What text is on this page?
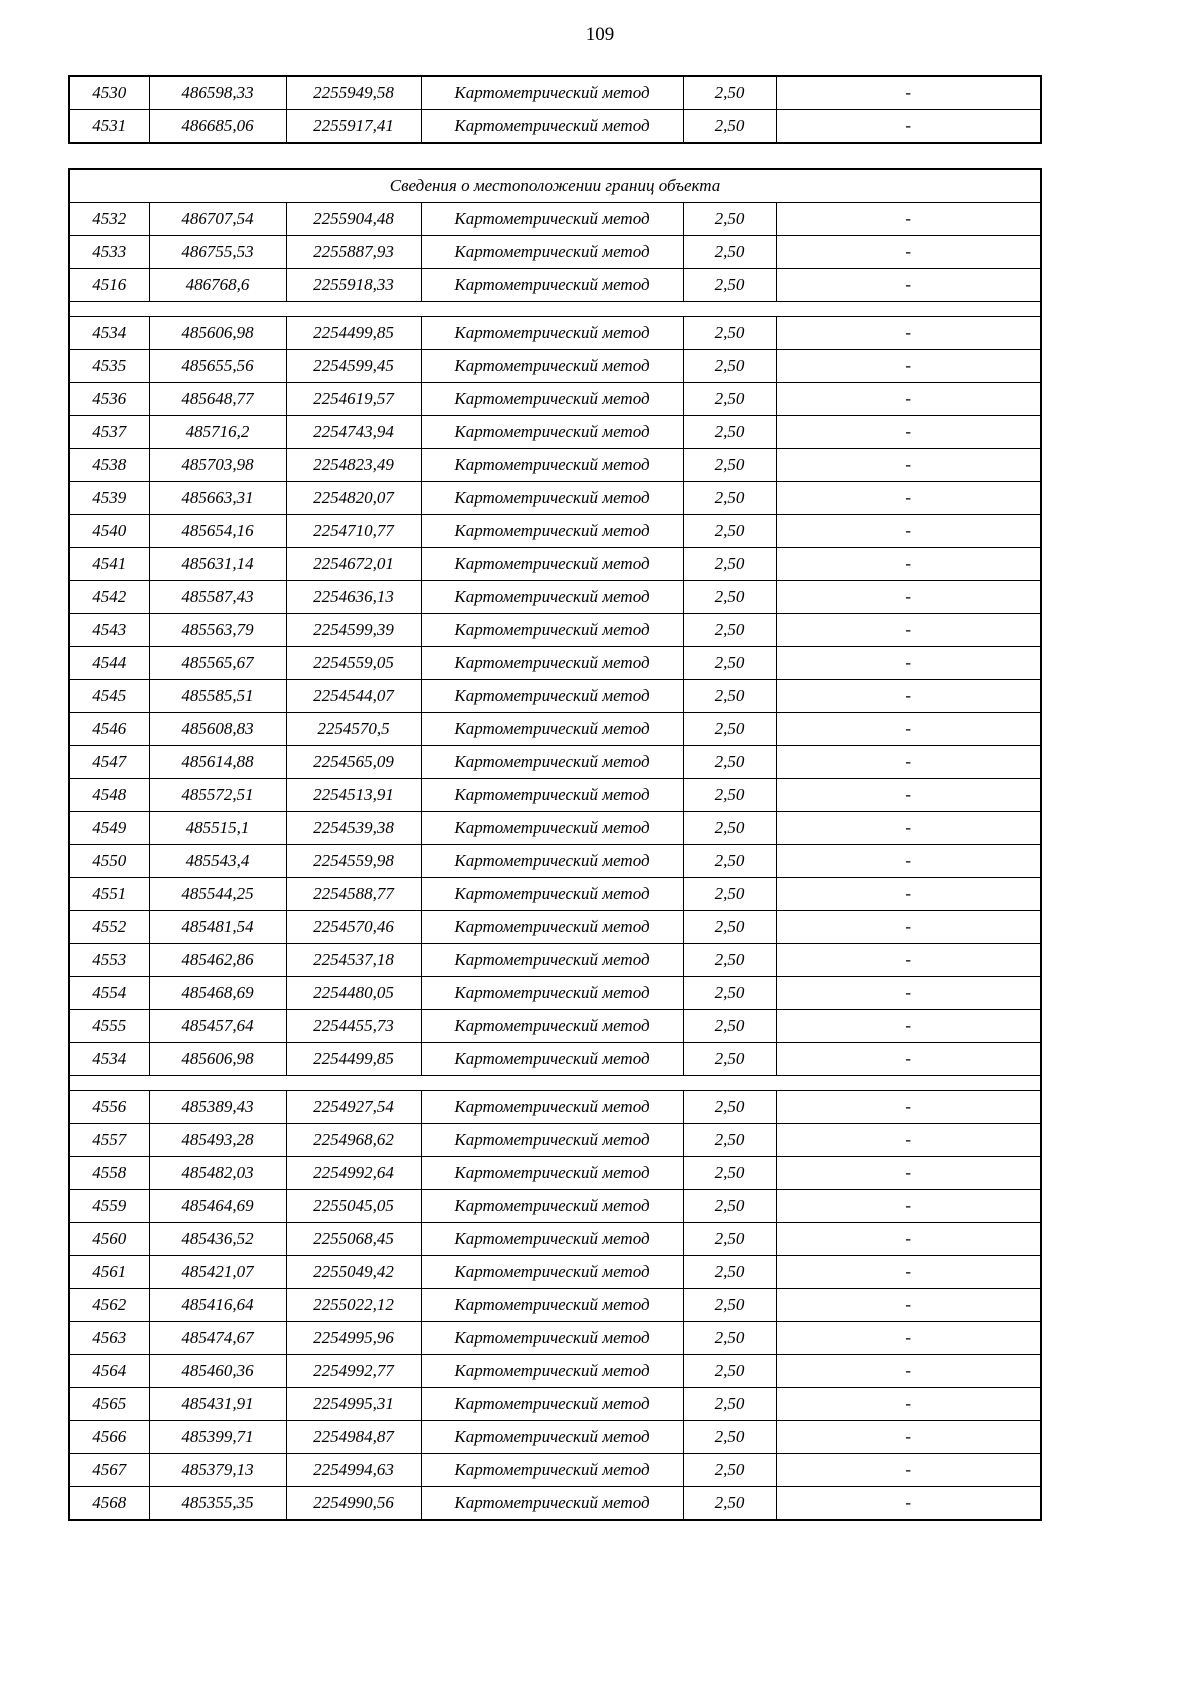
109
4530	486598,33	2255949,58	Картометрический метод	2,50	-
4531	486685,06	2255917,41	Картометрический метод	2,50	-
Сведения о местоположении границ объекта					
4532	486707,54	2255904,48	Картометрический метод	2,50	-
4533	486755,53	2255887,93	Картометрический метод	2,50	-
4516	486768,6	2255918,33	Картометрический метод	2,50	-

4534	485606,98	2254499,85	Картометрический метод	2,50	-
4535	485655,56	2254599,45	Картометрический метод	2,50	-
4536	485648,77	2254619,57	Картометрический метод	2,50	-
4537	485716,2	2254743,94	Картометрический метод	2,50	-
4538	485703,98	2254823,49	Картометрический метод	2,50	-
4539	485663,31	2254820,07	Картометрический метод	2,50	-
4540	485654,16	2254710,77	Картометрический метод	2,50	-
4541	485631,14	2254672,01	Картометрический метод	2,50	-
4542	485587,43	2254636,13	Картометрический метод	2,50	-
4543	485563,79	2254599,39	Картометрический метод	2,50	-
4544	485565,67	2254559,05	Картометрический метод	2,50	-
4545	485585,51	2254544,07	Картометрический метод	2,50	-
4546	485608,83	2254570,5	Картометрический метод	2,50	-
4547	485614,88	2254565,09	Картометрический метод	2,50	-
4548	485572,51	2254513,91	Картометрический метод	2,50	-
4549	485515,1	2254539,38	Картометрический метод	2,50	-
4550	485543,4	2254559,98	Картометрический метод	2,50	-
4551	485544,25	2254588,77	Картометрический метод	2,50	-
4552	485481,54	2254570,46	Картометрический метод	2,50	-
4553	485462,86	2254537,18	Картометрический метод	2,50	-
4554	485468,69	2254480,05	Картометрический метод	2,50	-
4555	485457,64	2254455,73	Картометрический метод	2,50	-
4534	485606,98	2254499,85	Картометрический метод	2,50	-

4556	485389,43	2254927,54	Картометрический метод	2,50	-
4557	485493,28	2254968,62	Картометрический метод	2,50	-
4558	485482,03	2254992,64	Картометрический метод	2,50	-
4559	485464,69	2255045,05	Картометрический метод	2,50	-
4560	485436,52	2255068,45	Картометрический метод	2,50	-
4561	485421,07	2255049,42	Картометрический метод	2,50	-
4562	485416,64	2255022,12	Картометрический метод	2,50	-
4563	485474,67	2254995,96	Картометрический метод	2,50	-
4564	485460,36	2254992,77	Картометрический метод	2,50	-
4565	485431,91	2254995,31	Картометрический метод	2,50	-
4566	485399,71	2254984,87	Картометрический метод	2,50	-
4567	485379,13	2254994,63	Картометрический метод	2,50	-
4568	485355,35	2254990,56	Картометрический метод	2,50	-
